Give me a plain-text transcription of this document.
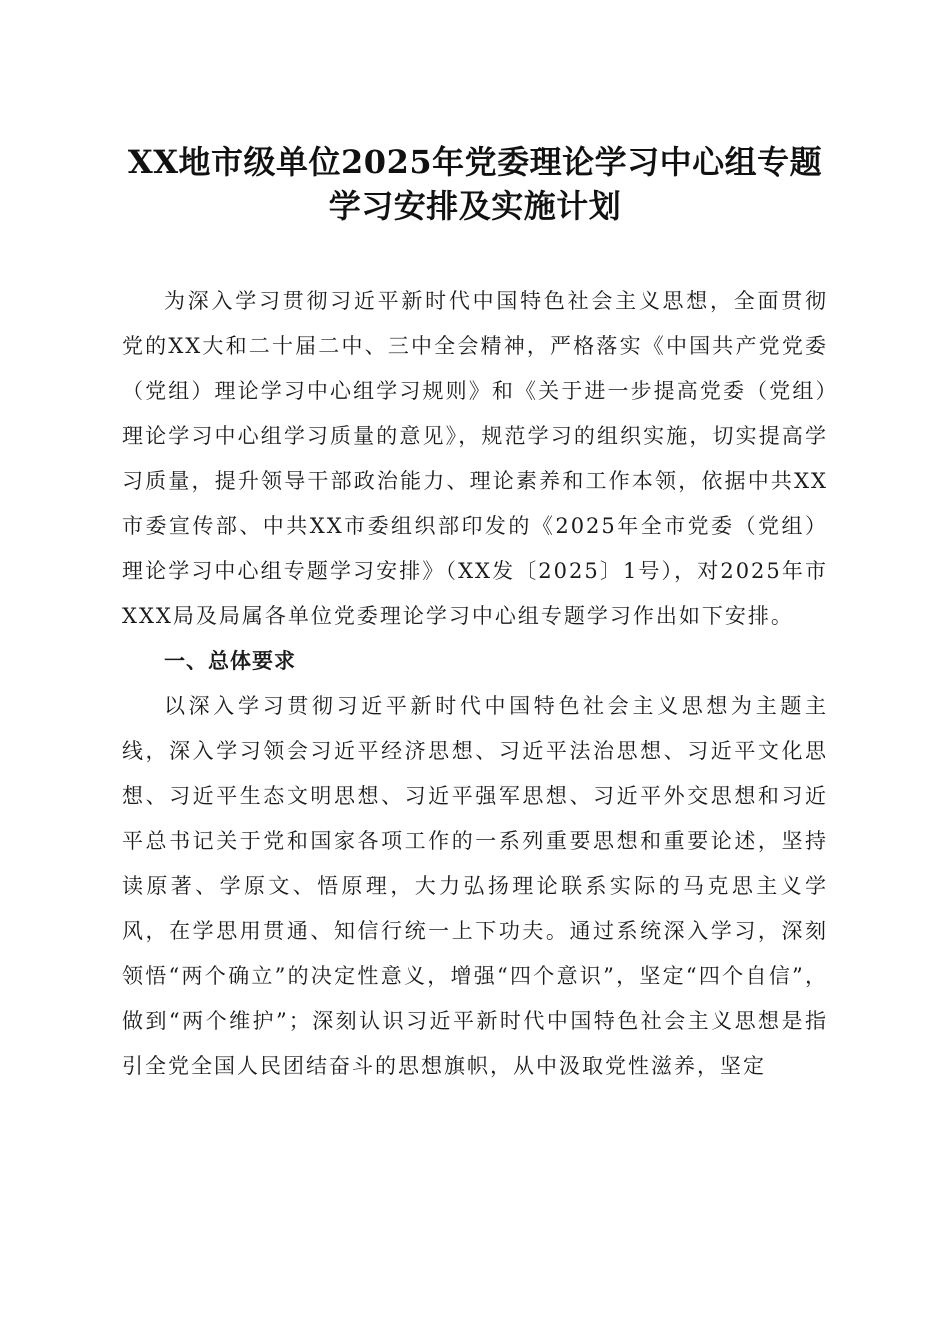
XX地市级单位2025年党委理论学习中心组专题学习安排及实施计划

为深入学习贯彻习近平新时代中国特色社会主义思想，全面贯彻党的XX大和二十届二中、三中全会精神，严格落实《中国共产党党委（党组）理论学习中心组学习规则》和《关于进一步提高党委（党组）理论学习中心组学习质量的意见》，规范学习的组织实施，切实提高学习质量，提升领导干部政治能力、理论素养和工作本领，依据中共XX市委宣传部、中共XX市委组织部印发的《2025年全市党委（党组）理论学习中心组专题学习安排》（XX发〔2025〕1号），对2025年市XXX局及局属各单位党委理论学习中心组专题学习作出如下安排。

一、总体要求

以深入学习贯彻习近平新时代中国特色社会主义思想为主题主线，深入学习领会习近平经济思想、习近平法治思想、习近平文化思想、习近平生态文明思想、习近平强军思想、习近平外交思想和习近平总书记关于党和国家各项工作的一系列重要思想和重要论述，坚持读原著、学原文、悟原理，大力弘扬理论联系实际的马克思主义学风，在学思用贯通、知信行统一上下功夫。通过系统深入学习，深刻领悟“两个确立”的决定性意义，增强“四个意识”，坚定“四个自信”，做到“两个维护”；深刻认识习近平新时代中国特色社会主义思想是指引全党全国人民团结奋斗的思想旗帜，从中汲取党性滋养，坚定
